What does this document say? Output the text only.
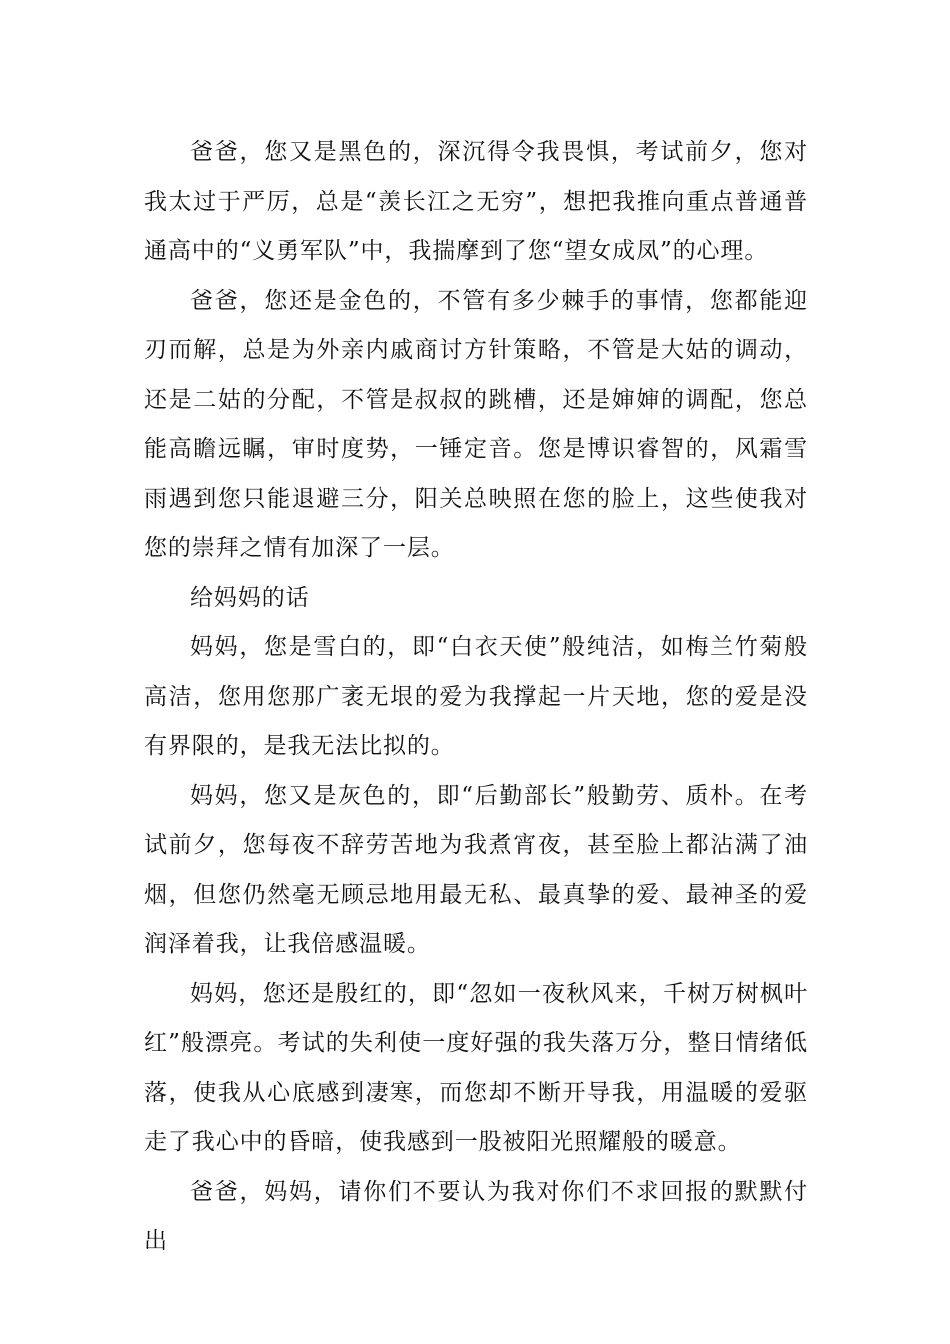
爸爸，您又是黑色的，深沉得令我畏惧，考试前夕，您对我太过于严厉，总是“羡长江之无穷”，想把我推向重点普通普通高中的“义勇军队”中，我揣摩到了您“望女成凤”的心理。

爸爸，您还是金色的，不管有多少棘手的事情，您都能迎刃而解，总是为外亲内戚商讨方针策略，不管是大姑的调动，还是二姑的分配，不管是叔叔的跳槽，还是婶婶的调配，您总能高瞻远瞩，审时度势，一锤定音。您是博识睿智的，风霜雪雨遇到您只能退避三分，阳关总映照在您的脸上，这些使我对您的崇拜之情有加深了一层。

给妈妈的话

妈妈，您是雪白的，即“白衣天使”般纯洁，如梅兰竹菊般高洁，您用您那广袤无垠的爱为我撑起一片天地，您的爱是没有界限的，是我无法比拟的。

妈妈，您又是灰色的，即“后勤部长”般勤劳、质朴。在考试前夕，您每夜不辞劳苦地为我煮宵夜，甚至脸上都沾满了油烟，但您仍然毫无顾忌地用最无私、最真挚的爱、最神圣的爱润泽着我，让我倍感温暖。

妈妈，您还是殷红的，即“忽如一夜秋风来，千树万树枫叶红”般漂亮。考试的失利使一度好强的我失落万分，整日情绪低落，使我从心底感到凄寒，而您却不断开导我，用温暖的爱驱走了我心中的昏暗，使我感到一股被阳光照耀般的暖意。

爸爸，妈妈，请你们不要认为我对你们不求回报的默默付出
